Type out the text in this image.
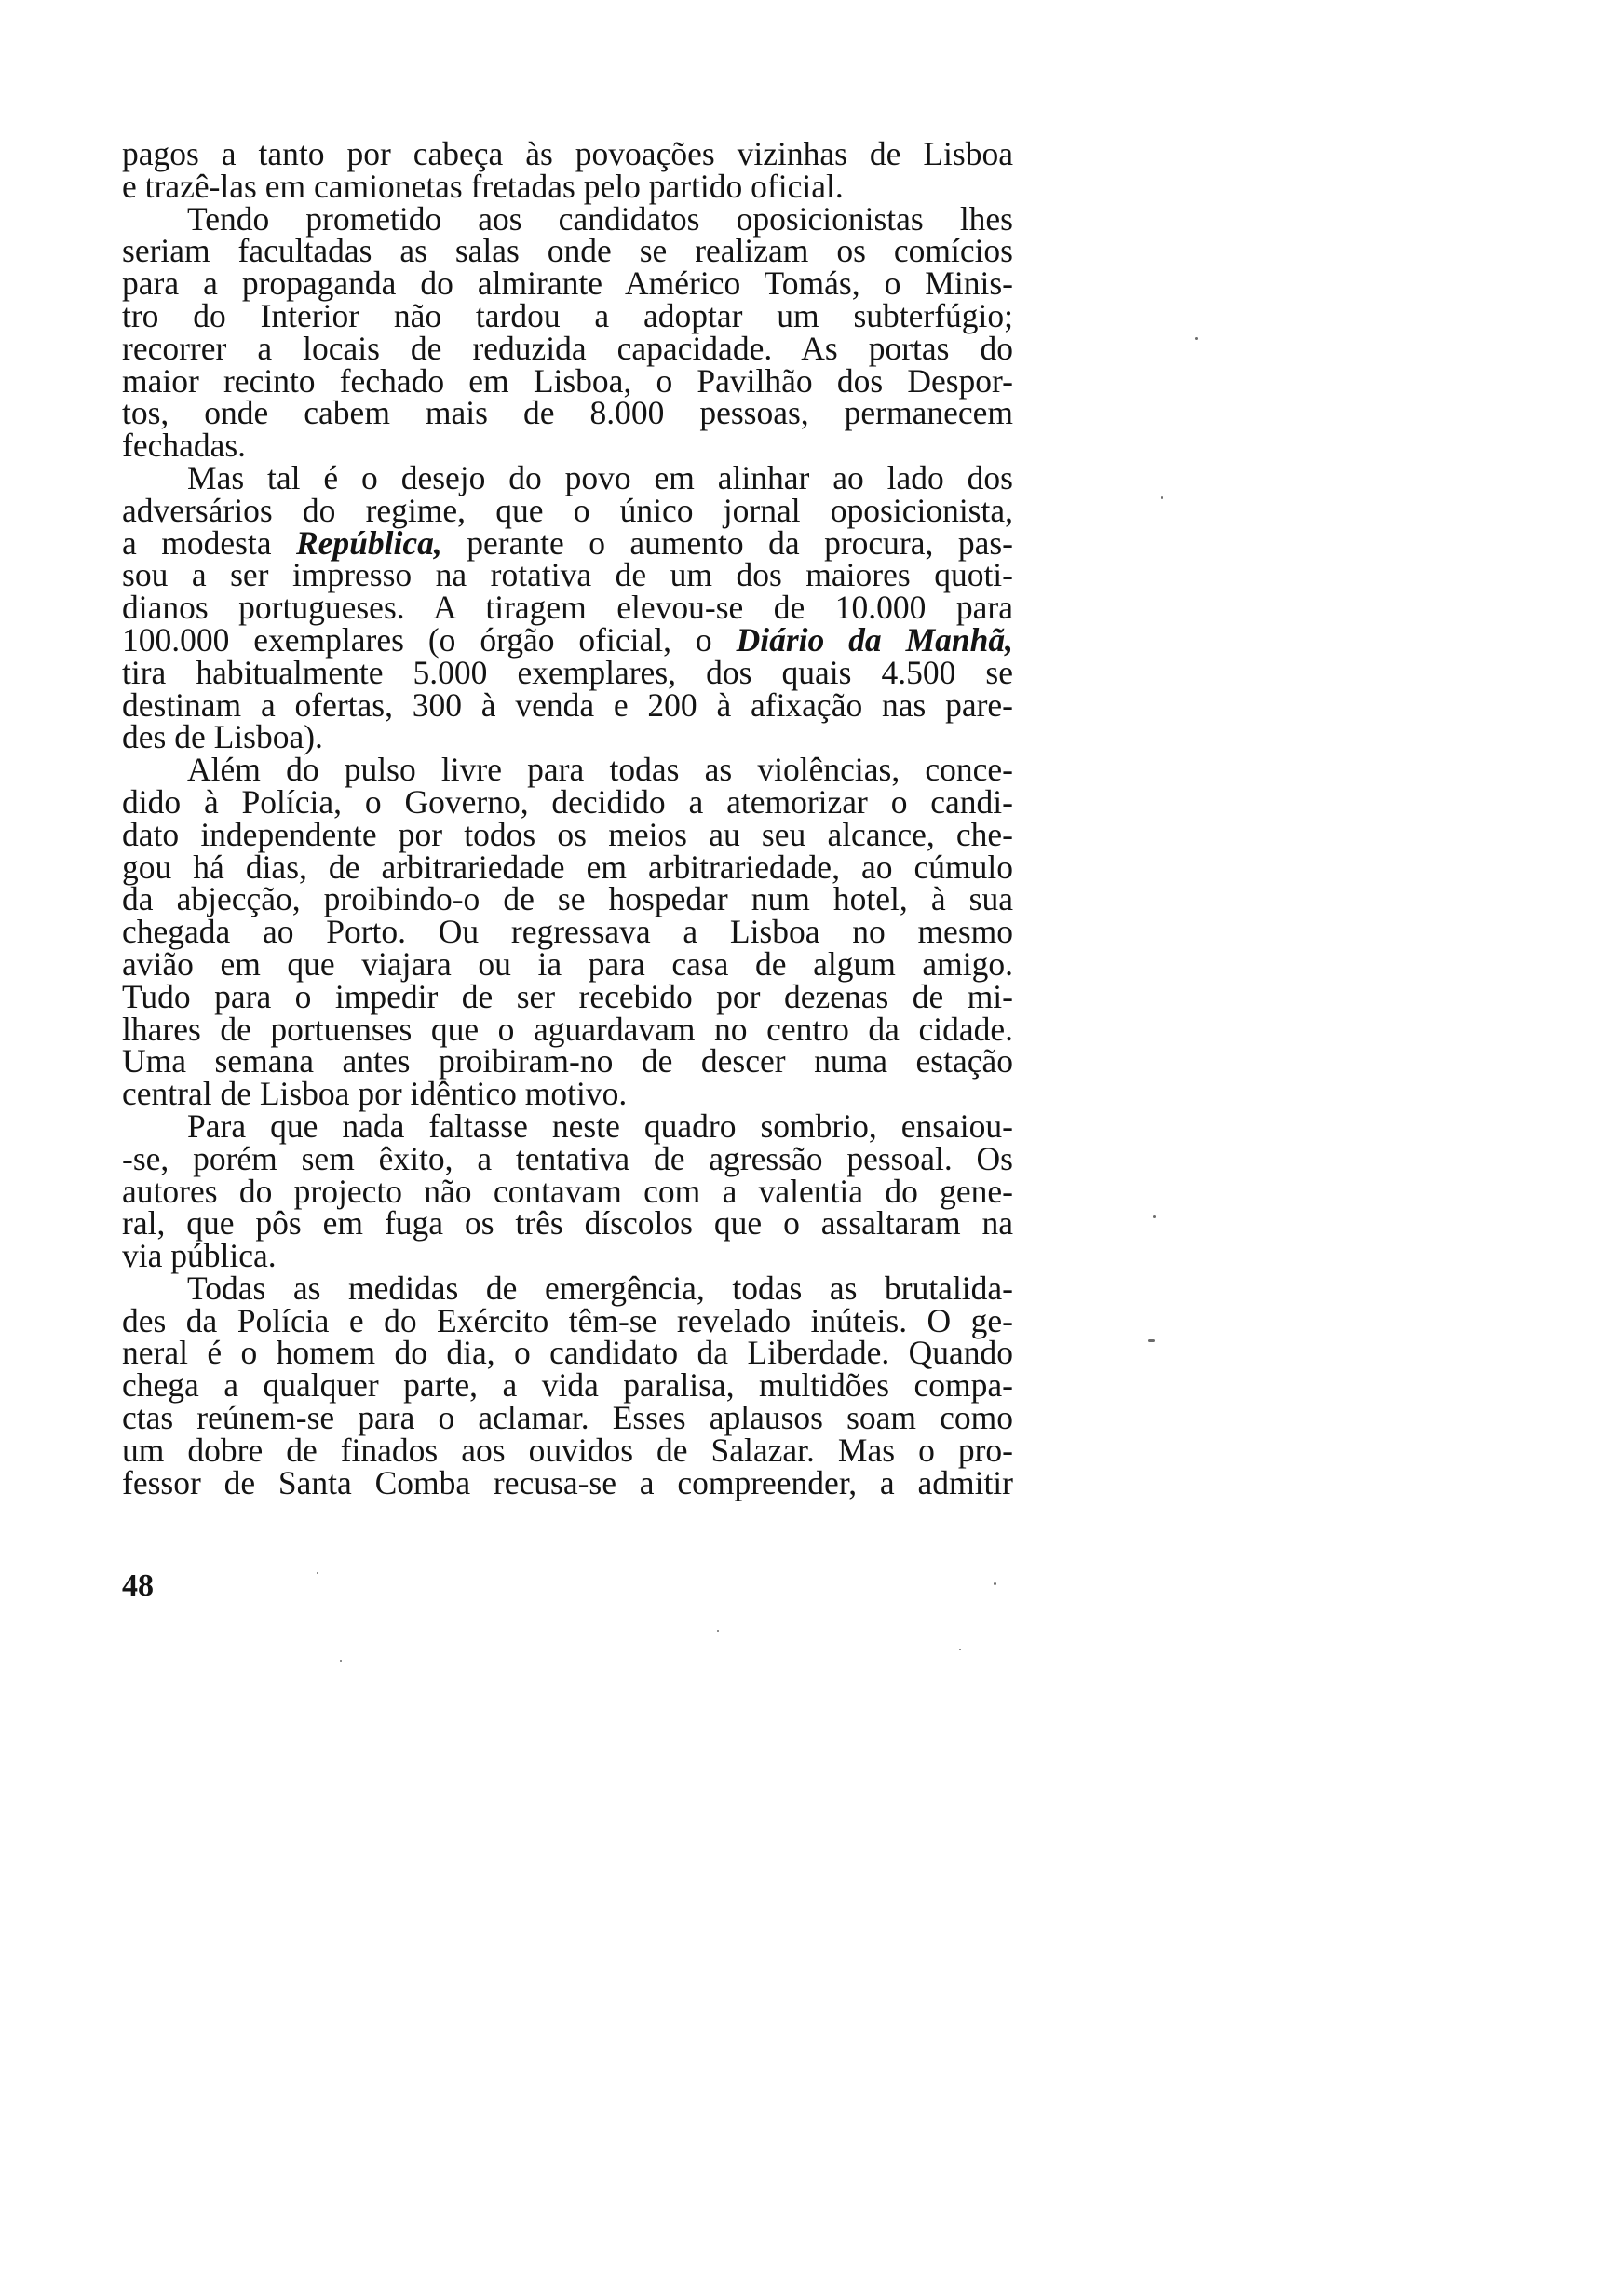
pagos a tanto por cabeça às povoações vizinhas de Lisboa
e trazê-las em camionetas fretadas pelo partido oficial.
Tendo prometido aos candidatos oposicionistas lhes
seriam facultadas as salas onde se realizam os comícios
para a propaganda do almirante Américo Tomás, o Minis-
tro do Interior não tardou a adoptar um subterfúgio;
recorrer a locais de reduzida capacidade. As portas do
maior recinto fechado em Lisboa, o Pavilhão dos Despor-
tos, onde cabem mais de 8.000 pessoas, permanecem
fechadas.
Mas tal é o desejo do povo em alinhar ao lado dos
adversários do regime, que o único jornal oposicionista,
a modesta República, perante o aumento da procura, pas-
sou a ser impresso na rotativa de um dos maiores quoti-
dianos portugueses. A tiragem elevou-se de 10.000 para
100.000 exemplares (o órgão oficial, o Diário da Manhã,
tira habitualmente 5.000 exemplares, dos quais 4.500 se
destinam a ofertas, 300 à venda e 200 à afixação nas pare-
des de Lisboa).
Além do pulso livre para todas as violências, conce-
dido à Polícia, o Governo, decidido a atemorizar o candi-
dato independente por todos os meios au seu alcance, che-
gou há dias, de arbitrariedade em arbitrariedade, ao cúmulo
da abjecção, proibindo-o de se hospedar num hotel, à sua
chegada ao Porto. Ou regressava a Lisboa no mesmo
avião em que viajara ou ia para casa de algum amigo.
Tudo para o impedir de ser recebido por dezenas de mi-
lhares de portuenses que o aguardavam no centro da cidade.
Uma semana antes proibiram-no de descer numa estação
central de Lisboa por idêntico motivo.
Para que nada faltasse neste quadro sombrio, ensaiou-
-se, porém sem êxito, a tentativa de agressão pessoal. Os
autores do projecto não contavam com a valentia do gene-
ral, que pôs em fuga os três díscolos que o assaltaram na
via pública.
Todas as medidas de emergência, todas as brutalida-
des da Polícia e do Exército têm-se revelado inúteis. O ge-
neral é o homem do dia, o candidato da Liberdade. Quando
chega a qualquer parte, a vida paralisa, multidões compa-
ctas reúnem-se para o aclamar. Esses aplausos soam como
um dobre de finados aos ouvidos de Salazar. Mas o pro-
fessor de Santa Comba recusa-se a compreender, a admitir
48
